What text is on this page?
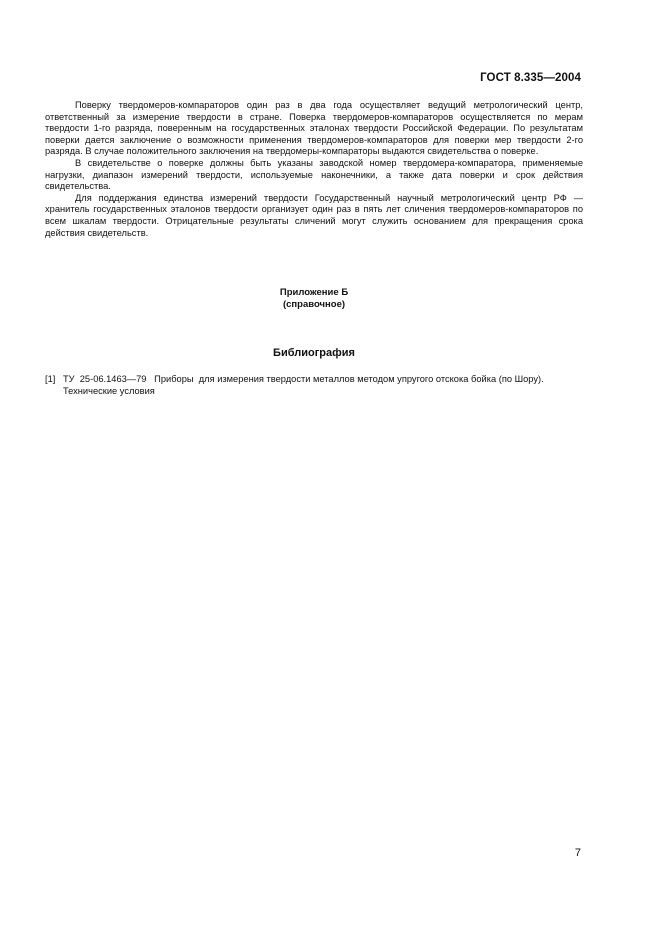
ГОСТ 8.335—2004

Поверку твердомеров-компараторов один раз в два года осуществляет ведущий метрологический центр, ответственный за измерение твердости в стране. Поверка твердомеров-компараторов осуществляется по мерам твердости 1-го разряда, поверенным на государственных эталонах твердости Российской Федерации. По результатам поверки дается заключение о возможности применения твердомеров-компараторов для поверки мер твердости 2-го разряда. В случае положительного заключения на твердомеры-компараторы выдаются свидетельства о поверке.

В свидетельстве о поверке должны быть указаны заводской номер твердомера-компаратора, применяемые нагрузки, диапазон измерений твердости, используемые наконечники, а также дата поверки и срок действия свидетельства.

Для поддержания единства измерений твердости Государственный научный метрологический центр РФ — хранитель государственных эталонов твердости организует один раз в пять лет сличения твердомеров-компараторов по всем шкалам твердости. Отрицательные результаты сличений могут служить основанием для прекращения срока действия свидетельств.

Приложение Б
(справочное)
Библиография
[1] ТУ  25-06.1463—79   Приборы  для измерения твердости металлов методом упругого отскока бойка (по Шору).
Технические условия
7
